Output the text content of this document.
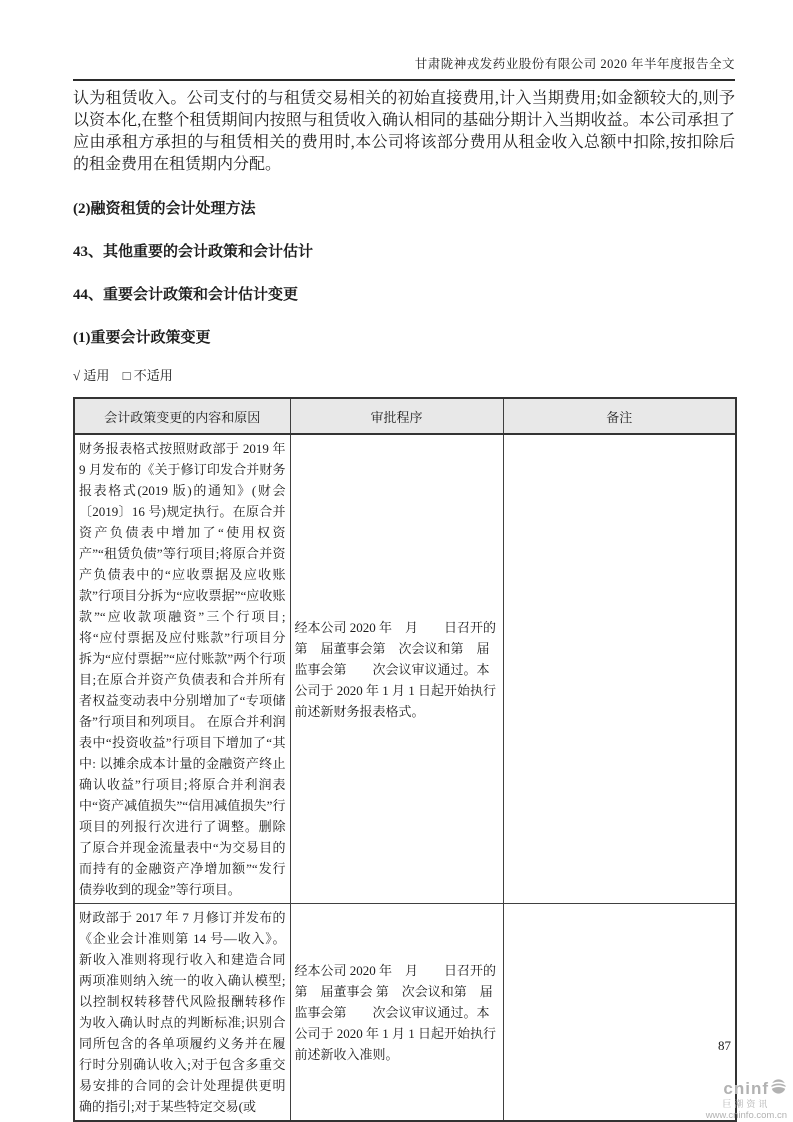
甘肃陇神戎发药业股份有限公司 2020 年半年度报告全文

认为租赁收入。公司支付的与租赁交易相关的初始直接费用,计入当期费用;如金额较大的,则予以资本化,在整个租赁期间内按照与租赁收入确认相同的基础分期计入当期收益。本公司承担了应由承租方承担的与租赁相关的费用时,本公司将该部分费用从租金收入总额中扣除,按扣除后的租金费用在租赁期内分配。

(2)融资租赁的会计处理方法
43、其他重要的会计政策和会计估计
44、重要会计政策和会计估计变更
(1)重要会计政策变更
√ 适用 □ 不适用
会计政策变更的内容和原因	审批程序	备注
财务报表格式按照财政部于 2019 年 9 月发布的《关于修订印发合并财务报表格式(2019 版)的通知》(财会〔2019〕16 号)规定执行。在原合并资产负债表中增加了“使用权资产”“租赁负债”等行项目;将原合并资产负债表中的“应收票据及应收账款”行项目分拆为“应收票据”“应收账款”“应收款项融资”三个行项目;将“应付票据及应付账款”行项目分拆为“应付票据”“应付账款”两个行项目;在原合并资产负债表和合并所有者权益变动表中分别增加了“专项储备”行项目和列项目。 在原合并利润表中“投资收益”行项目下增加了“其中: 以摊余成本计量的金融资产终止确认收益”行项目;将原合并利润表中“资产减值损失”“信用减值损失”行项目的列报行次进行了调整。删除了原合并现金流量表中“为交易目的而持有的金融资产净增加额”“发行债券收到的现金”等行项目。	经本公司 2020 年　月　　日召开的第　届董事会第　次会议和第　届监事会第　　次会议审议通过。本公司于 2020 年 1 月 1 日起开始执行前述新财务报表格式。	
财政部于 2017 年 7 月修订并发布的《企业会计准则第 14 号—收入》。新收入准则将现行收入和建造合同两项准则纳入统一的收入确认模型;以控制权转移替代风险报酬转移作为收入确认时点的判断标准;识别合同所包含的各单项履约义务并在履行时分别确认收入;对于包含多重交易安排的合同的会计处理提供更明确的指引;对于某些特定交易(或	经本公司 2020 年　月　　日召开的第　届董事会 第　次会议和第　届监事会第　　次会议审议通过。本公司于 2020 年 1 月 1 日起开始执行前述新收入准则。	
87
cninf
巨潮资讯
www.cninfo.com.cn
